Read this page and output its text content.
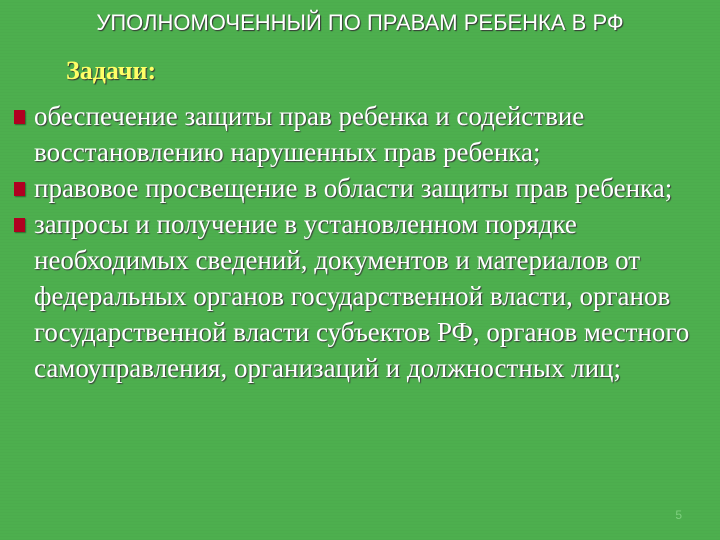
УПОЛНОМОЧЕННЫЙ ПО ПРАВАМ РЕБЕНКА В РФ
Задачи:
обеспечение защиты прав ребенка и содействие восстановлению нарушенных прав ребенка;
правовое просвещение в области защиты прав ребенка;
запросы и получение в установленном порядке необходимых сведений, документов и материалов от федеральных органов государственной власти, органов государственной власти субъектов РФ, органов местного самоуправления, организаций и должностных лиц;
5
